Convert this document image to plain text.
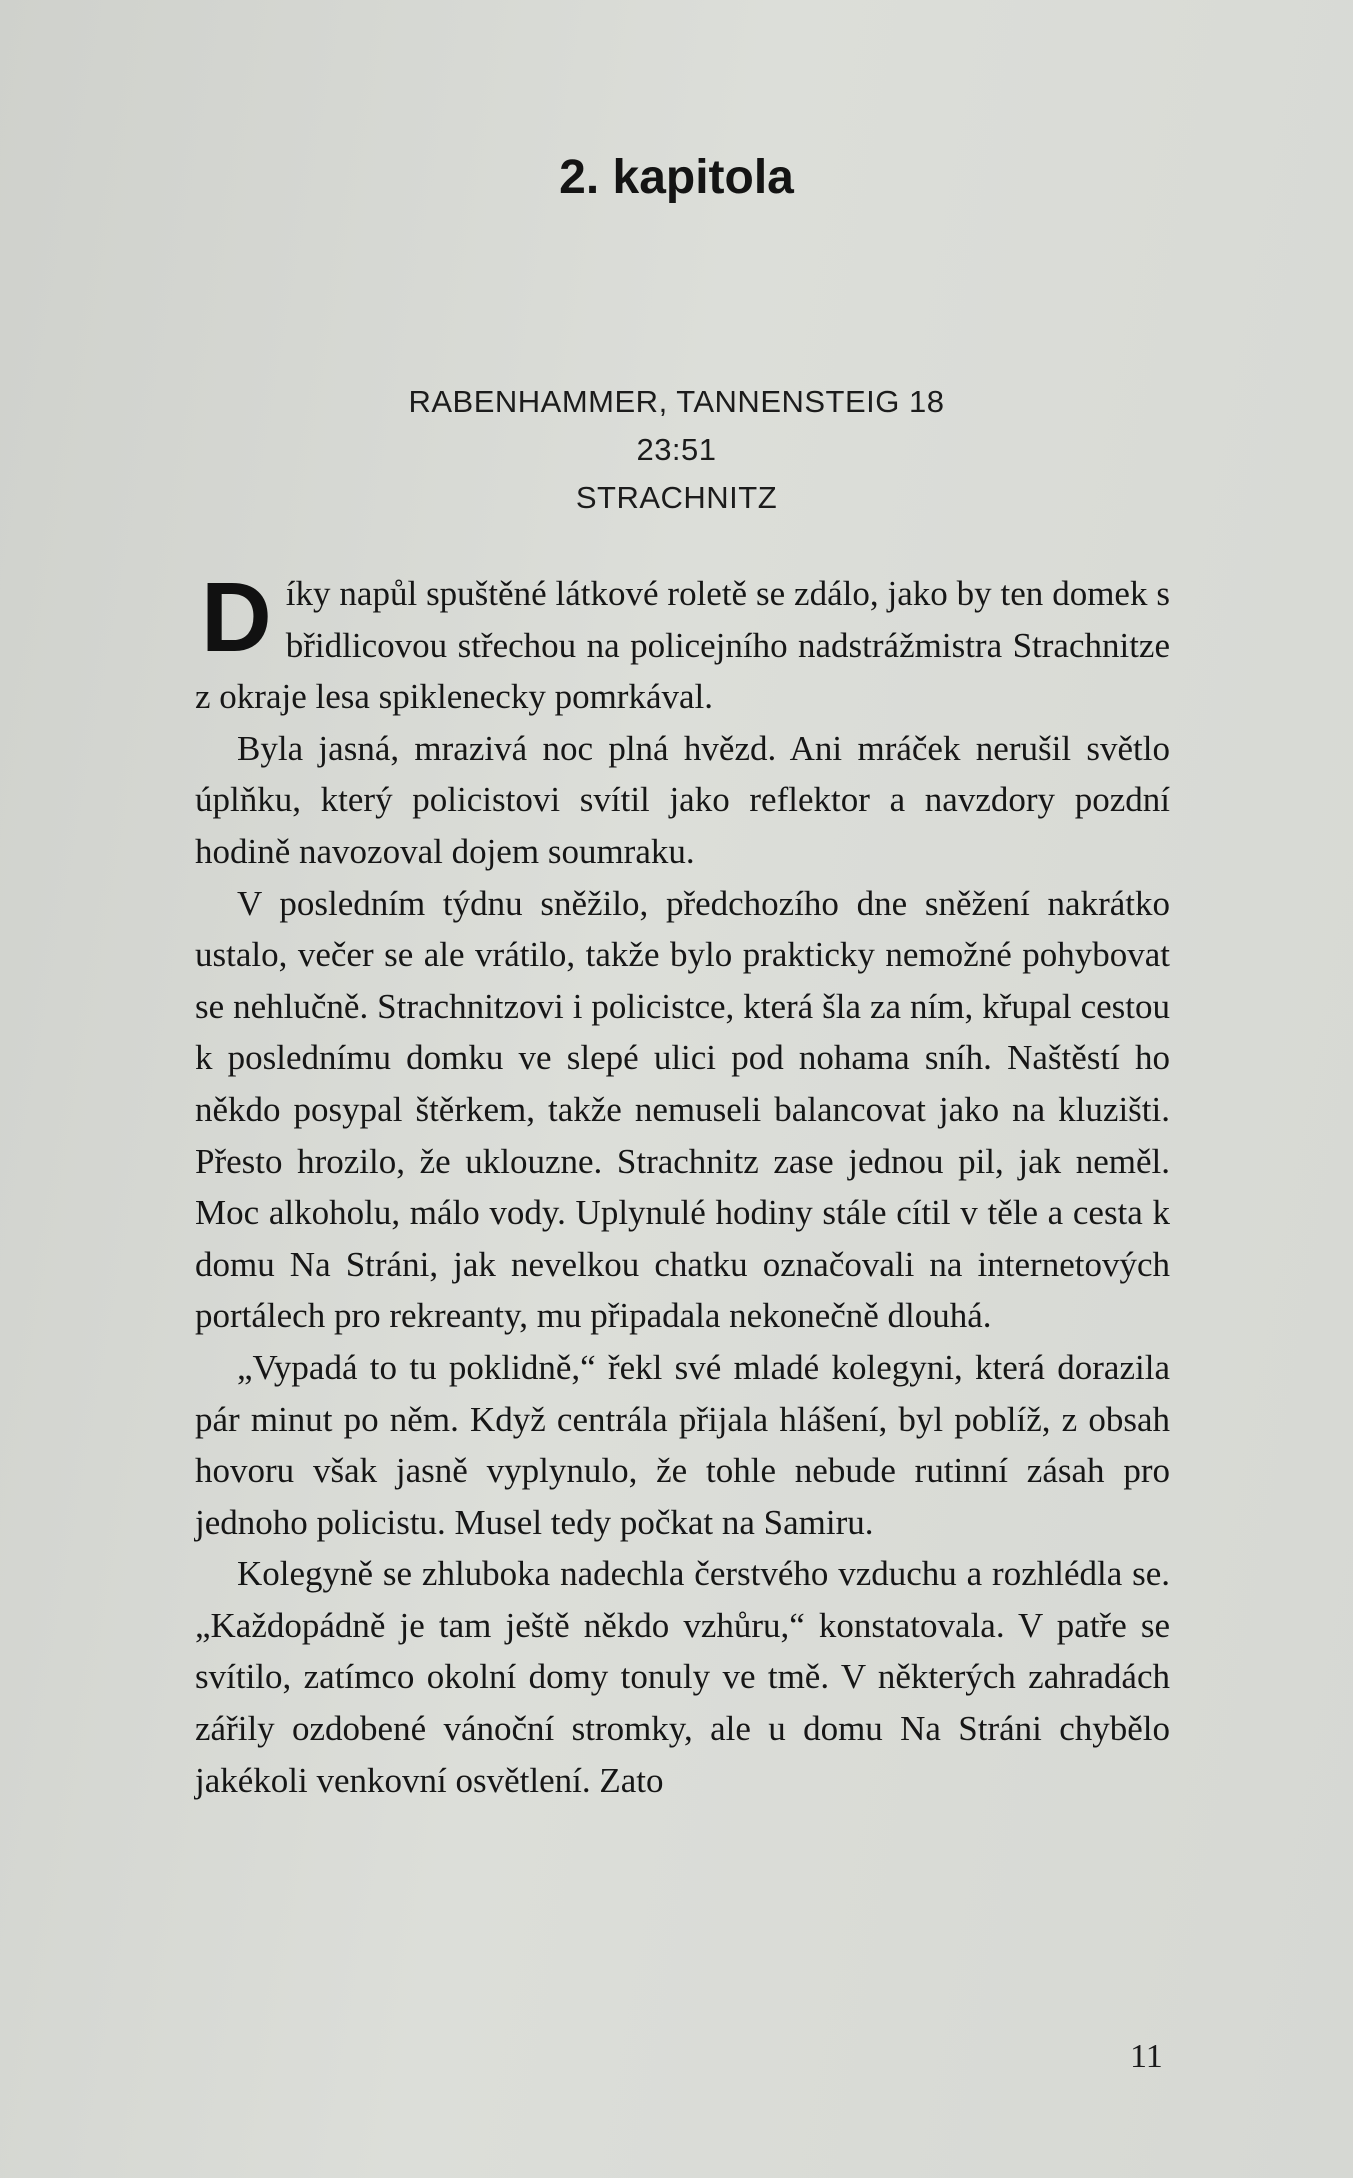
2. kapitola
RABENHAMMER, TANNENSTEIG 18
23:51
STRACHNITZ

Díky napůl spuštěné látkové roletě se zdálo, jako by ten domek s břidlicovou střechou na policejního nadstrážmistra Strachnitze z okraje lesa spiklenecky pomrkával.

Byla jasná, mrazivá noc plná hvězd. Ani mráček nerušil světlo úplňku, který policistovi svítil jako reflektor a navzdory pozdní hodině navozoval dojem soumraku.

V posledním týdnu sněžilo, předchozího dne sněžení nakrátko ustalo, večer se ale vrátilo, takže bylo prakticky nemožné pohybovat se nehlučně. Strachnitzovi i policistce, která šla za ním, křupal cestou k poslednímu domku ve slepé ulici pod nohama sníh. Naštěstí ho někdo posypal štěrkem, takže nemuseli balancovat jako na kluzišti. Přesto hrozilo, že uklouzne. Strachnitz zase jednou pil, jak neměl. Moc alkoholu, málo vody. Uplynulé hodiny stále cítil v těle a cesta k domu Na Stráni, jak nevelkou chatku označovali na internetových portálech pro rekreanty, mu připadala nekonečně dlouhá.

„Vypadá to tu poklidně,“ řekl své mladé kolegyni, která dorazila pár minut po něm. Když centrála přijala hlášení, byl poblíž, z obsah hovoru však jasně vyplynulo, že tohle nebude rutinní zásah pro jednoho policistu. Musel tedy počkat na Samiru.

Kolegyně se zhluboka nadechla čerstvého vzduchu a rozhlédla se. „Každopádně je tam ještě někdo vzhůru,“ konstatovala. V patře se svítilo, zatímco okolní domy tonuly ve tmě. V některých zahradách zářily ozdobené vánoční stromky, ale u domu Na Stráni chybělo jakékoli venkovní osvětlení. Zato

11
